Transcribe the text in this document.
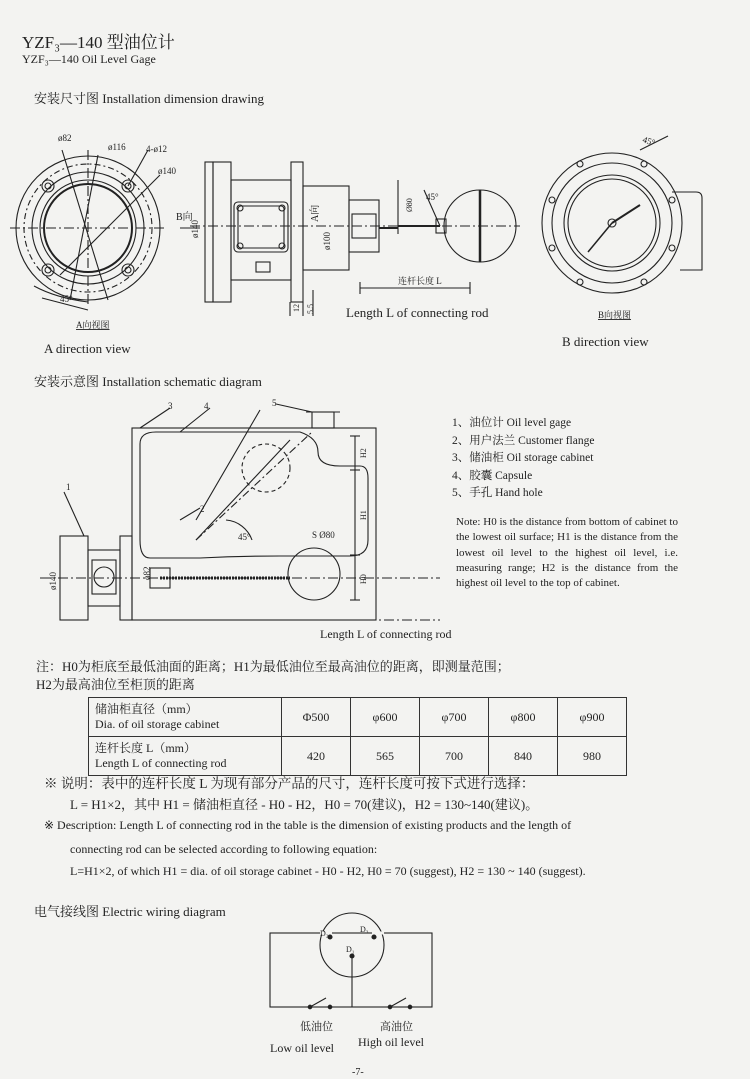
YZF₃—140 型油位计
YZF₃—140 Oil Level Gage
安装尺寸图 Installation dimension drawing
ø82
ø116 4-ø12
ø140
45°
A向视图
B向
ø140
A向
ø100
12 5.5
Ø80
45°
连杆长度 L
45°
B向视图
A direction view
Length L of connecting rod
B direction view
安装示意图 Installation schematic diagram
1
2
3	4	5
S Ø80
45°
ø140	ø82
H2
H1
H0
Length L of connecting rod
1、油位计 Oil level gage
2、用户法兰 Customer flange
3、储油柜 Oil storage cabinet
4、胶囊 Capsule
5、手孔 Hand hole
Note: H0 is the distance from bottom of cabinet to the lowest oil surface; H1 is the distance from the lowest oil level to the highest oil level, i.e. measuring range; H2 is the distance from the highest oil level to the top of cabinet.
注：H0为柜底至最低油面的距离；H1为最低油位至最高油位的距离，即测量范围；
H2为最高油位至柜顶的距离
储油柜直径（mm）
Dia. of oil storage cabinet	Φ500	φ600	φ700	φ800	φ900

连杆长度 L（mm）
Length L of connecting rod	420	565	700	840	980
※ 说明：表中的连杆长度 L 为现有部分产品的尺寸，连杆长度可按下式进行选择：
L = H1×2，其中 H1 = 储油柜直径 - H0 - H2，H0 = 70(建议)，H2 = 130~140(建议)。
※ Description: Length L of connecting rod in the table is the dimension of existing products and the length of
connecting rod can be selected according to following equation:
L=H1×2, of which H1 = dia. of oil storage cabinet - H0 - H2, H0 = 70 (suggest), H2 = 130 ~ 140 (suggest).
电气接线图 Electric wiring diagram
D₂	D₃
D₁
低油位	高油位
Low oil level High oil level
-7-
